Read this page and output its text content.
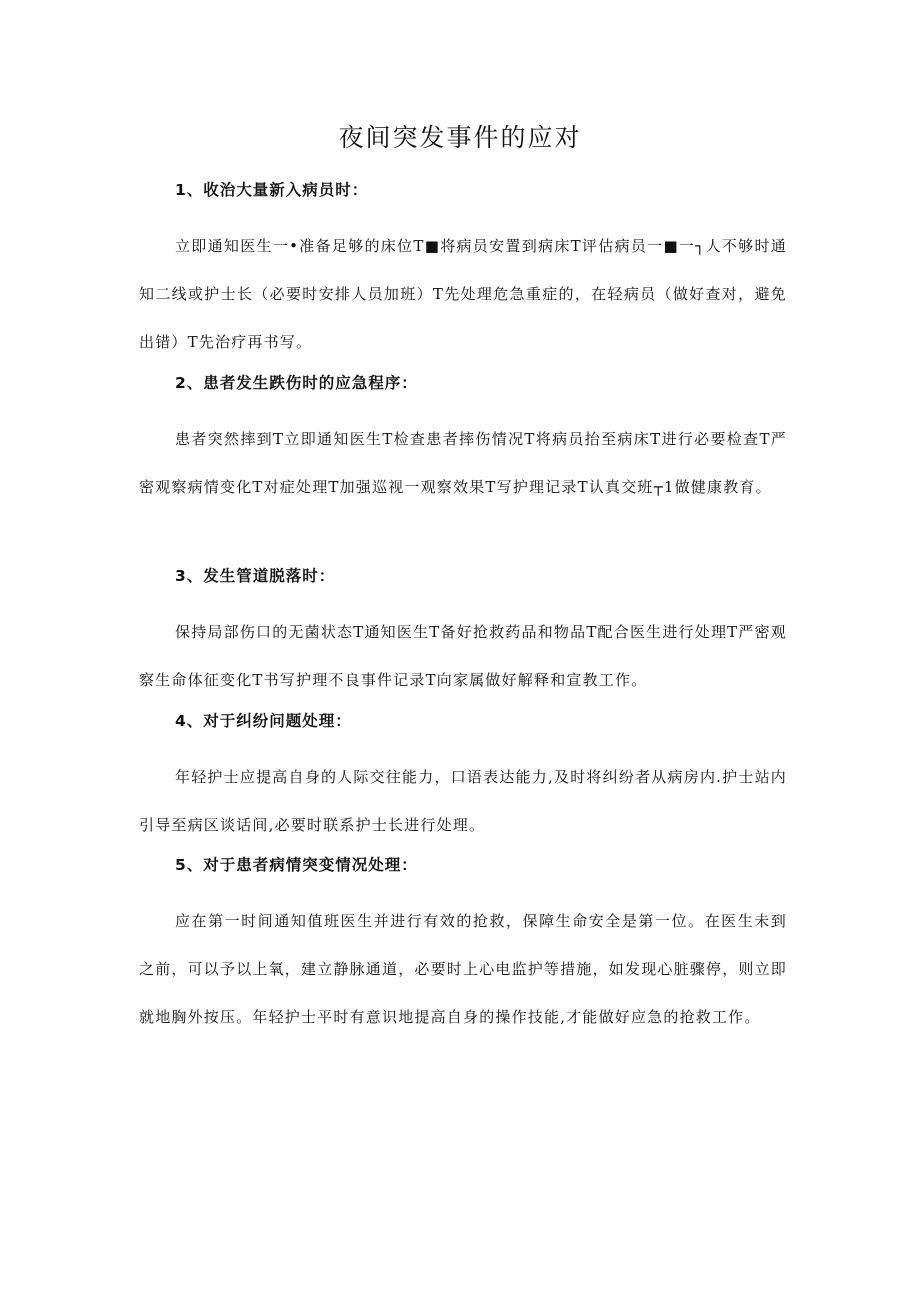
夜间突发事件的应对

1、收治大量新入病员时：

立即通知医生一•准备足够的床位T■将病员安置到病床T评估病员一■一┐人不够时通知二线或护士长（必要时安排人员加班）T先处理危急重症的，在轻病员（做好查对，避免出错）T先治疗再书写。

2、患者发生跌伤时的应急程序：

患者突然摔到T立即通知医生T检查患者摔伤情况T将病员抬至病床T进行必要检查T严密观察病情变化T对症处理T加强巡视一观察效果T写护理记录T认真交班┬1做健康教育。

3、发生管道脱落时：

保持局部伤口的无菌状态T通知医生T备好抢救药品和物品T配合医生进行处理T严密观察生命体征变化T书写护理不良事件记录T向家属做好解释和宣教工作。

4、对于纠纷问题处理：

年轻护士应提高自身的人际交往能力，口语表达能力,及时将纠纷者从病房内.护士站内引导至病区谈话间,必要时联系护士长进行处理。

5、对于患者病情突变情况处理：

应在第一时间通知值班医生并进行有效的抢救，保障生命安全是第一位。在医生未到之前，可以予以上氧，建立静脉通道，必要时上心电监护等措施，如发现心脏骤停，则立即就地胸外按压。年轻护士平时有意识地提高自身的操作技能,才能做好应急的抢救工作。
